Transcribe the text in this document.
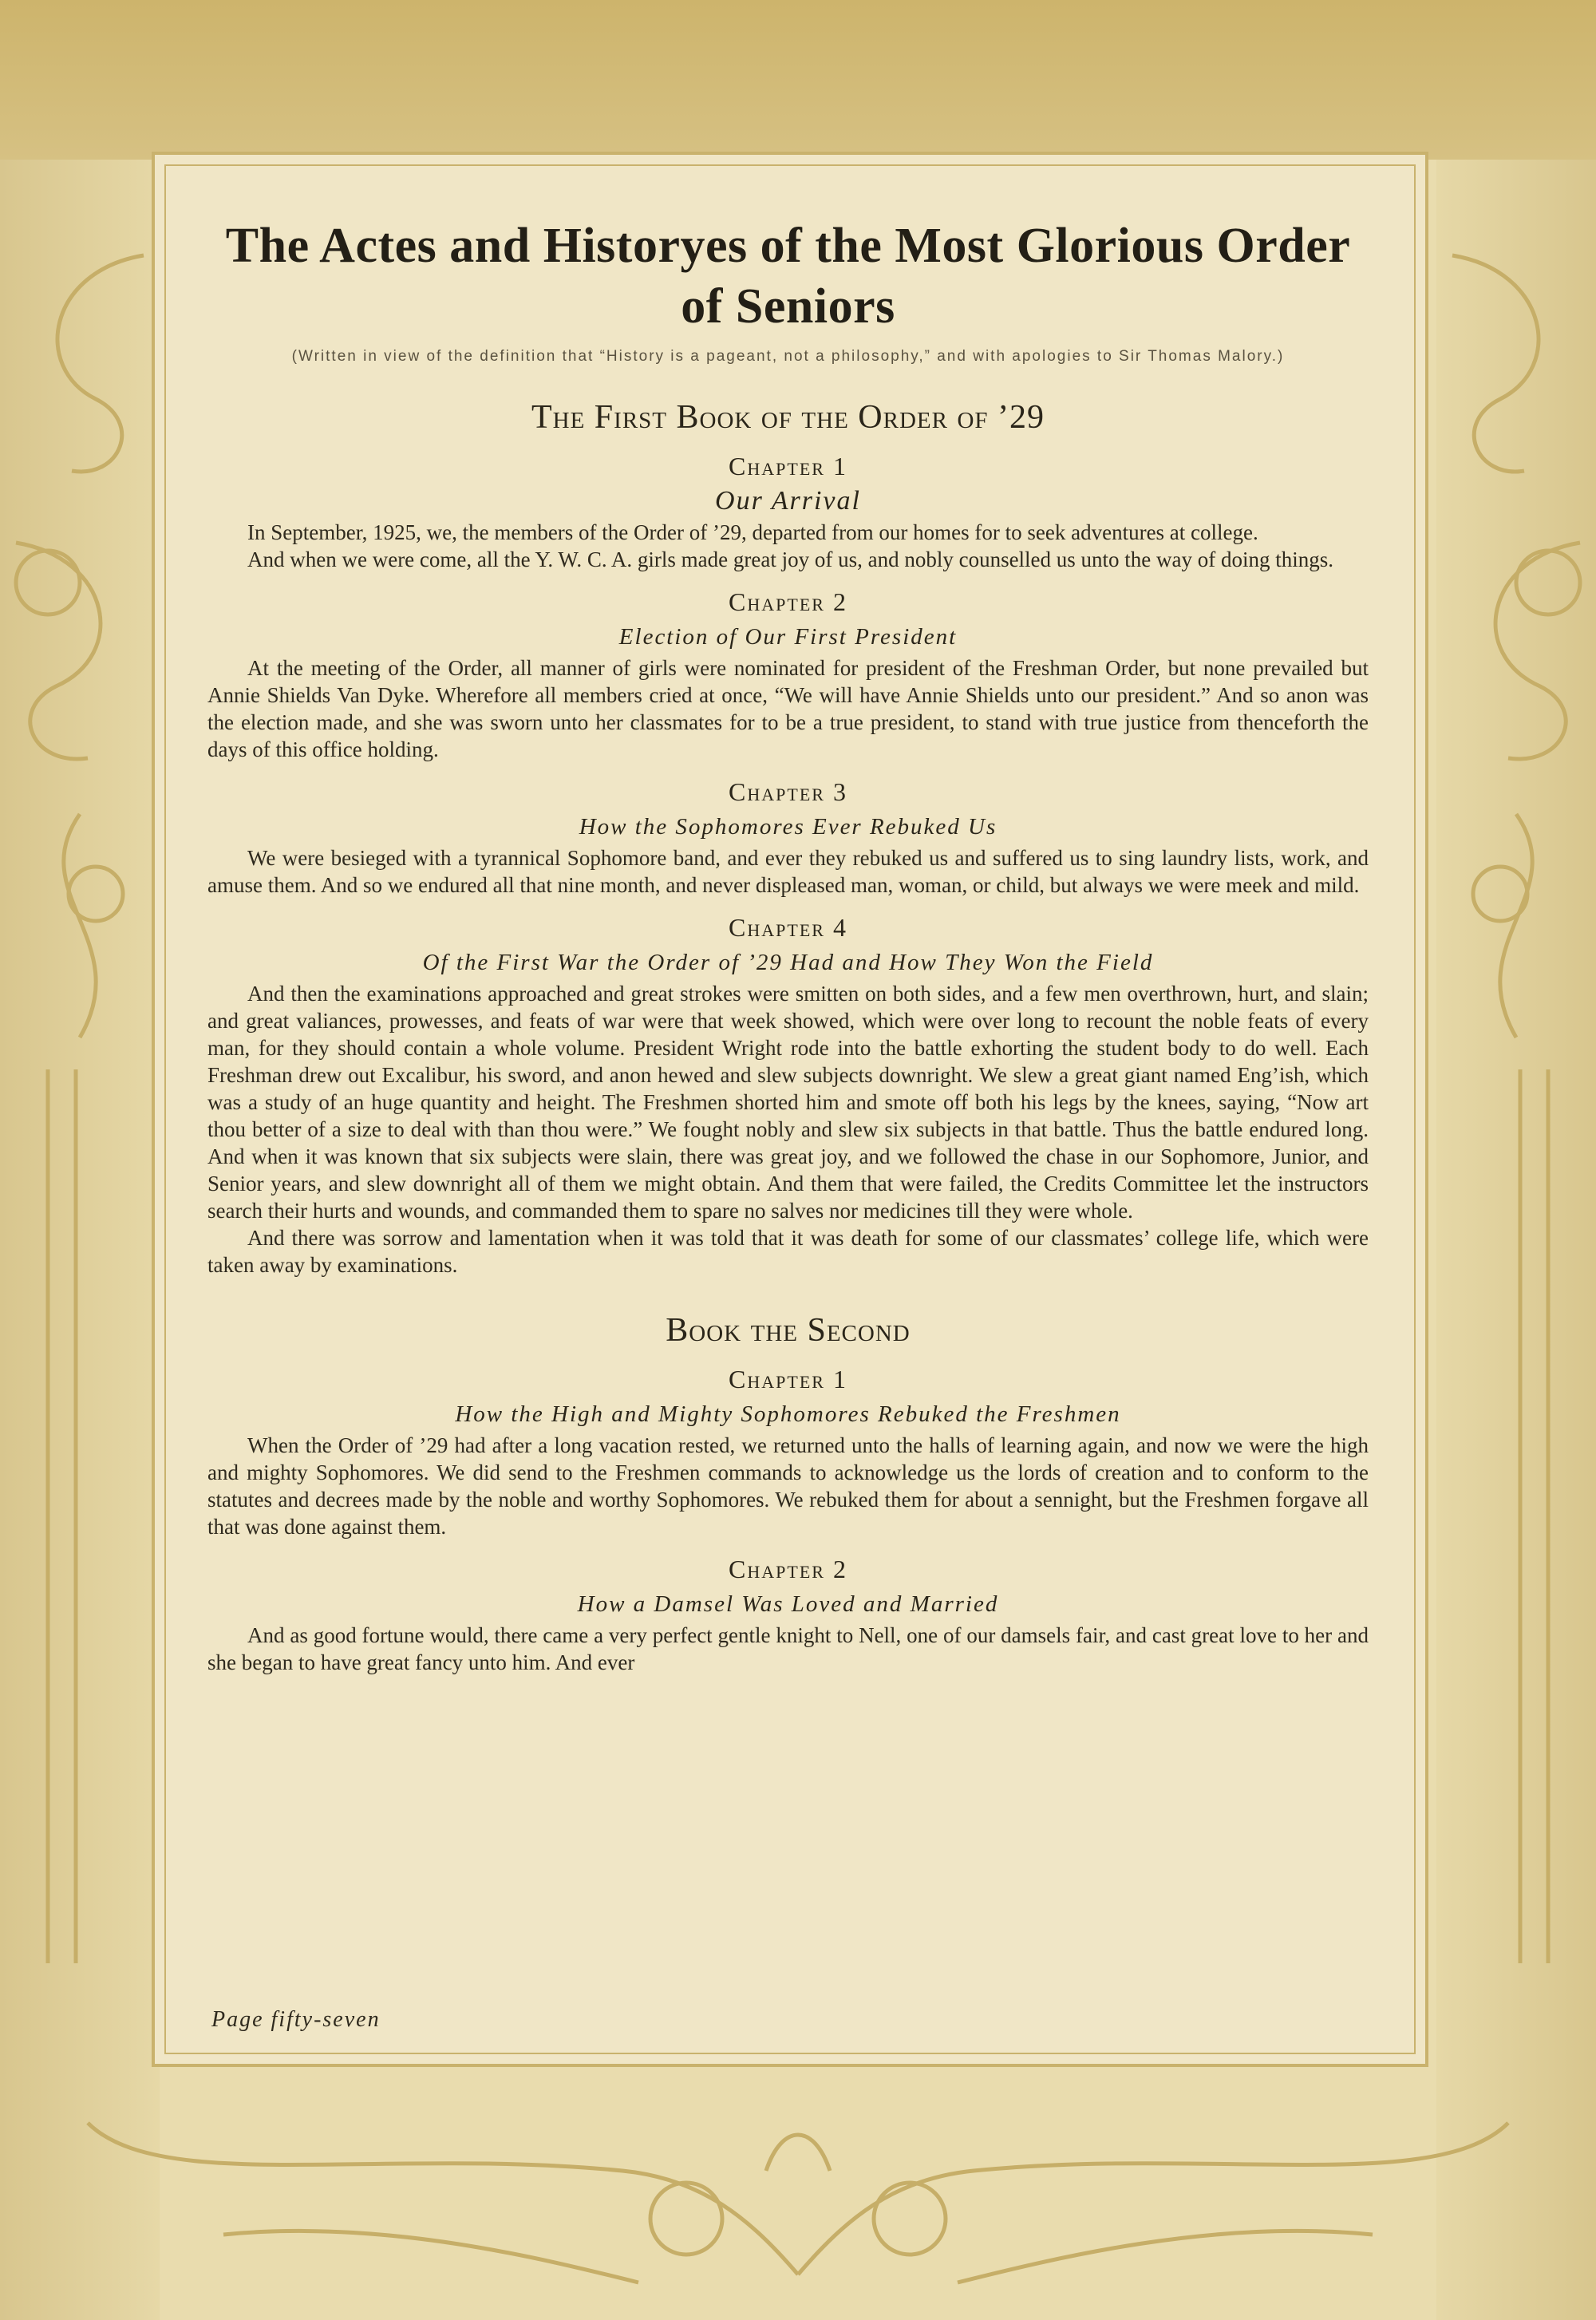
The Actes and Historyes of the Most Glorious Order of Seniors
(Written in view of the definition that “History is a pageant, not a philosophy,” and with apologies to Sir Thomas Malory.)
The First Book of the Order of ’29
Chapter 1
Our Arrival

In September, 1925, we, the members of the Order of ’29, departed from our homes for to seek adventures at college.

And when we were come, all the Y. W. C. A. girls made great joy of us, and nobly counselled us unto the way of doing things.

Chapter 2
Election of Our First President

At the meeting of the Order, all manner of girls were nominated for president of the Freshman Order, but none prevailed but Annie Shields Van Dyke. Wherefore all members cried at once, “We will have Annie Shields unto our president.” And so anon was the election made, and she was sworn unto her classmates for to be a true president, to stand with true justice from thenceforth the days of this office holding.

Chapter 3
How the Sophomores Ever Rebuked Us

We were besieged with a tyrannical Sophomore band, and ever they rebuked us and suffered us to sing laundry lists, work, and amuse them. And so we endured all that nine month, and never displeased man, woman, or child, but always we were meek and mild.

Chapter 4
Of the First War the Order of ’29 Had and How They Won the Field

And then the examinations approached and great strokes were smitten on both sides, and a few men overthrown, hurt, and slain; and great valiances, prowesses, and feats of war were that week showed, which were over long to recount the noble feats of every man, for they should contain a whole volume. President Wright rode into the battle exhorting the student body to do well. Each Freshman drew out Excalibur, his sword, and anon hewed and slew subjects downright. We slew a great giant named Eng’ish, which was a study of an huge quantity and height. The Freshmen shorted him and smote off both his legs by the knees, saying, “Now art thou better of a size to deal with than thou were.” We fought nobly and slew six subjects in that battle. Thus the battle endured long. And when it was known that six subjects were slain, there was great joy, and we followed the chase in our Sophomore, Junior, and Senior years, and slew downright all of them we might obtain. And them that were failed, the Credits Committee let the instructors search their hurts and wounds, and commanded them to spare no salves nor medicines till they were whole.

And there was sorrow and lamentation when it was told that it was death for some of our classmates’ college life, which were taken away by examinations.

Book the Second
Chapter 1
How the High and Mighty Sophomores Rebuked the Freshmen

When the Order of ’29 had after a long vacation rested, we returned unto the halls of learning again, and now we were the high and mighty Sophomores. We did send to the Freshmen commands to acknowledge us the lords of creation and to conform to the statutes and decrees made by the noble and worthy Sophomores. We rebuked them for about a sennight, but the Freshmen forgave all that was done against them.

Chapter 2
How a Damsel Was Loved and Married

And as good fortune would, there came a very perfect gentle knight to Nell, one of our damsels fair, and cast great love to her and she began to have great fancy unto him. And ever

Page fifty-seven
